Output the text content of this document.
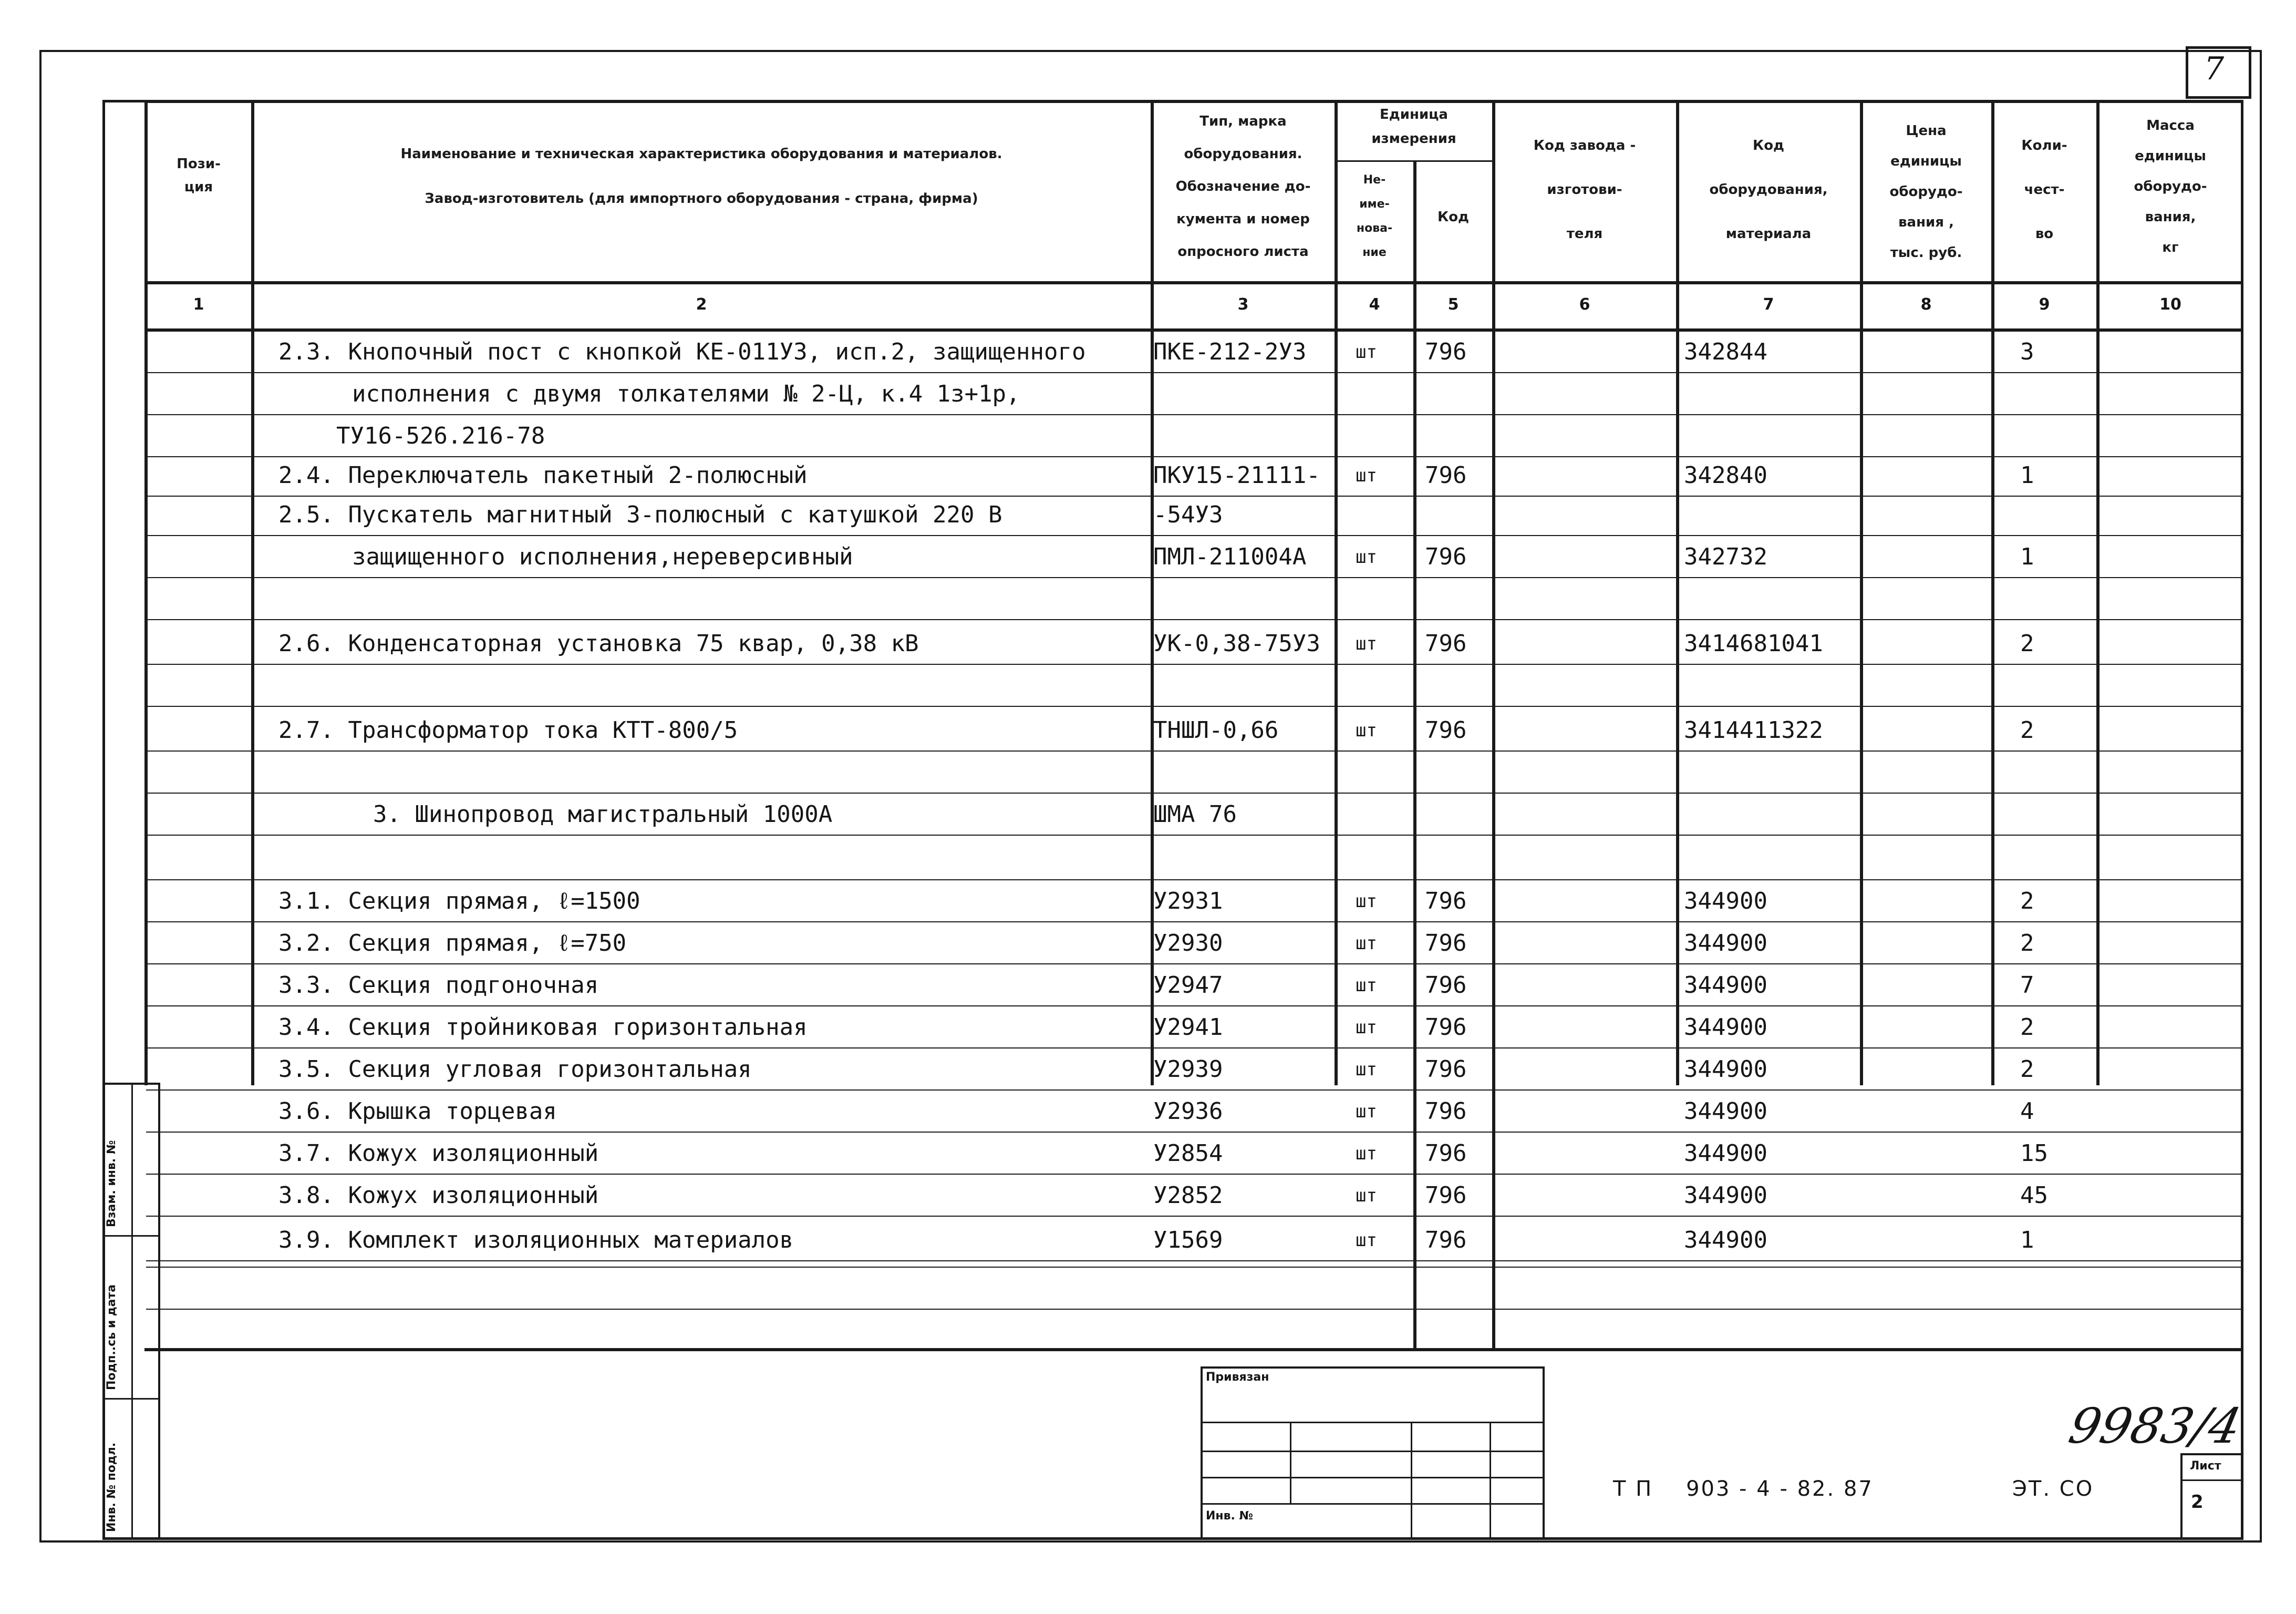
7
Взам. инв. №
Подп..сь и дата
Инв. № подл.
Пози-
ция
Наименование и техническая характеристика оборудования и материалов.
Завод-изготовитель (для импортного оборудования - страна, фирма)
Тип, марка
оборудования.
Обозначение до-
кумента и номер
опросного листа
Не-
име-
нова-
ние
Единица
измерения
Код
Код завода -
изготови-
теля
Код
оборудования,
материала
Цена
единицы
оборудо-
вания ,
тыс. руб.
Коли-
чест-
во
Масса
единицы
оборудо-
вания,
кг
1	2	3	4	5	6	7	8	9	10
2.3. Кнопочный пост с кнопкой КЕ-011У3, исп.2, защищенного	ПКЕ-212-2У3	шт 796	342844	3
исполнения с двумя толкателями № 2-Ц, к.4 1з+1р,
ТУ16-526.216-78
2.4. Переключатель пакетный 2-полюсный	ПКУ15-21111- шт 796	342840	1
2.5. Пускатель магнитный 3-полюсный с катушкой 220 В	-54У3
защищенного исполнения,нереверсивный	ПМЛ-211004А	шт 796	342732	1
2.6. Конденсаторная установка 75 квар, 0,38 кВ	УК-0,38-75У3 шт 796	3414681041	2
2.7. Трансформатор тока КТТ-800/5	ТНШЛ-0,66	шт 796	3414411322	2
3. Шинопровод магистральный 1000А	ШМА 76
3.1. Секция прямая, ℓ=1500	У2931	шт 796	344900	2
3.2. Секция прямая, ℓ=750	У2930	шт 796	344900	2
3.3. Секция подгоночная	У2947	шт 796	344900	7
3.4. Секция тройниковая горизонтальная	У2941	шт 796	344900	2
3.5. Секция угловая горизонтальная	У2939	шт 796	344900	2
3.6. Крышка торцевая	У2936	шт 796	344900	4
3.7. Кожух изоляционный	У2854	шт 796	344900	15
3.8. Кожух изоляционный	У2852	шт 796	344900	45
3.9. Комплект изоляционных материалов	У1569	шт 796	344900	1
Привязан
Инв. №
Т П    903 - 4 - 82. 87	ЭТ. СО
9983/4
Лист
2
